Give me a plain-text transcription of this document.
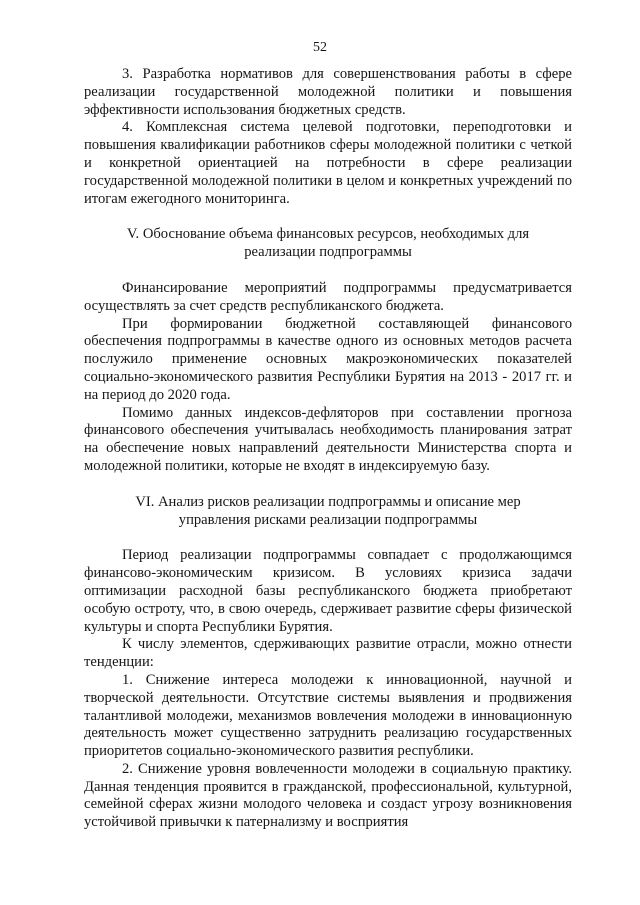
52

3. Разработка нормативов для совершенствования работы в сфере реализации государственной молодежной политики и повышения эффективности использования бюджетных средств.

4. Комплексная система целевой подготовки, переподготовки и повышения квалификации работников сферы молодежной политики с четкой и конкретной ориентацией на потребности в сфере реализации государственной молодежной политики в целом и конкретных учреждений по итогам ежегодного мониторинга.

V. Обоснование объема финансовых ресурсов, необходимых для
реализации подпрограммы

Финансирование мероприятий подпрограммы предусматривается осуществлять за счет средств республиканского бюджета.

При формировании бюджетной составляющей финансового обеспечения подпрограммы в качестве одного из основных методов расчета послужило применение основных макроэкономических показателей социально-экономического развития Республики Бурятия на 2013 - 2017 гг. и на период до 2020 года.

Помимо данных индексов-дефляторов при составлении прогноза финансового обеспечения учитывалась необходимость планирования затрат на обеспечение новых направлений деятельности Министерства спорта и молодежной политики, которые не входят в индексируемую базу.

VI. Анализ рисков реализации подпрограммы и описание мер
управления рисками реализации подпрограммы

Период реализации подпрограммы совпадает с продолжающимся финансово-экономическим кризисом. В условиях кризиса задачи оптимизации расходной базы республиканского бюджета приобретают особую остроту, что, в свою очередь, сдерживает развитие сферы физической культуры и спорта Республики Бурятия.

К числу элементов, сдерживающих развитие отрасли, можно отнести тенденции:

1. Снижение интереса молодежи к инновационной, научной и творческой деятельности. Отсутствие системы выявления и продвижения талантливой молодежи, механизмов вовлечения молодежи в инновационную деятельность может существенно затруднить реализацию государственных приоритетов социально-экономического развития республики.

2. Снижение уровня вовлеченности молодежи в социальную практику. Данная тенденция проявится в гражданской, профессиональной, культурной, семейной сферах жизни молодого человека и создаст угрозу возникновения устойчивой привычки к патернализму и восприятия
